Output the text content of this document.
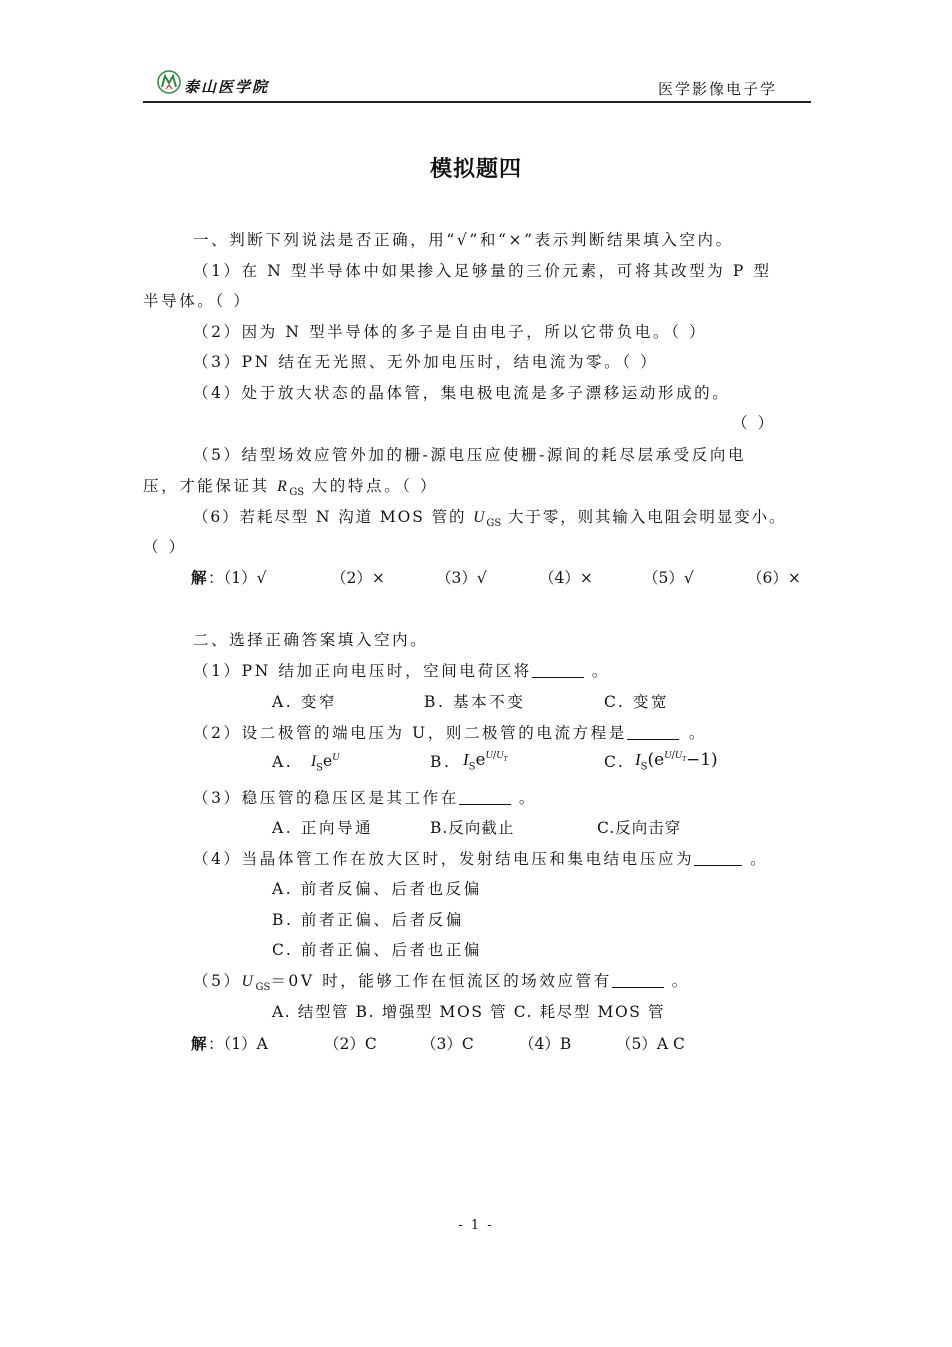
泰山医学院	医学影像电子学
模拟题四
一、判断下列说法是否正确，用“√”和“×”表示判断结果填入空内。
（1）在 N 型半导体中如果掺入足够量的三价元素，可将其改型为 P 型
半导体。（ ）
（2）因为 N 型半导体的多子是自由电子，所以它带负电。（ ）
（3）PN 结在无光照、无外加电压时，结电流为零。（ ）
（4）处于放大状态的晶体管，集电极电流是多子漂移运动形成的。
（ ）
（5）结型场效应管外加的栅-源电压应使栅-源间的耗尽层承受反向电
压，才能保证其 $R_{GS}$ 大的特点。（ ）
（6）若耗尽型 N 沟道 MOS 管的 $U_{GS}$ 大于零，则其输入电阻会明显变小。
（ ）
解 ：（1）√	（2）×	（3）√	（4）×	（5）√	（6）×
二、选择正确答案填入空内。
（1）PN 结加正向电压时，空间电荷区将	。
A. 变窄	B. 基本不变	C. 变宽
（2）设二极管的端电压为 U，则二极管的电流方程是	。
A. $I_Se^U$	B. $I_Se^{U/U_T}$	C. $I_S(e^{U/U_T}-1)$
（3）稳压管的稳压区是其工作在	。
A. 正向导通	B.反向截止	C.反向击穿
（4）当晶体管工作在放大区时，发射结电压和集电结电压应为	。
A. 前者反偏、后者也反偏
B. 前者正偏、后者反偏
C. 前者正偏、后者也正偏
$(5)U_{GS}=0V$ 时，能够工作在恒流区的场效应管有	。
A. 结型管 B. 增强型 MOS 管 C. 耗尽型 MOS 管
解 ：（1）A	（2）C	（3）C	（4）B	（5）A C
- 1 -
